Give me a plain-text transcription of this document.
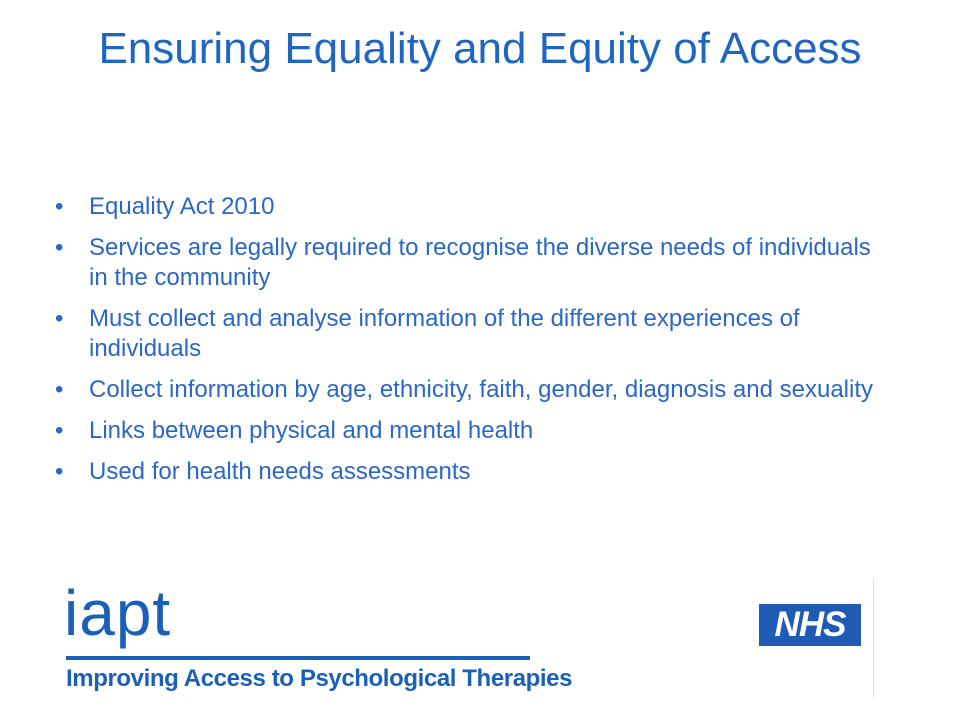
Ensuring Equality and Equity of Access
•	Equality Act 2010
•	Services are legally required to recognise the diverse needs of individuals in the community
•	Must collect and analyse information of the different experiences of individuals
•	Collect information by age, ethnicity, faith, gender, diagnosis and sexuality
•	Links between physical and mental health
•	Used for health needs assessments
iapt
Improving Access to Psychological Therapies
NHS
